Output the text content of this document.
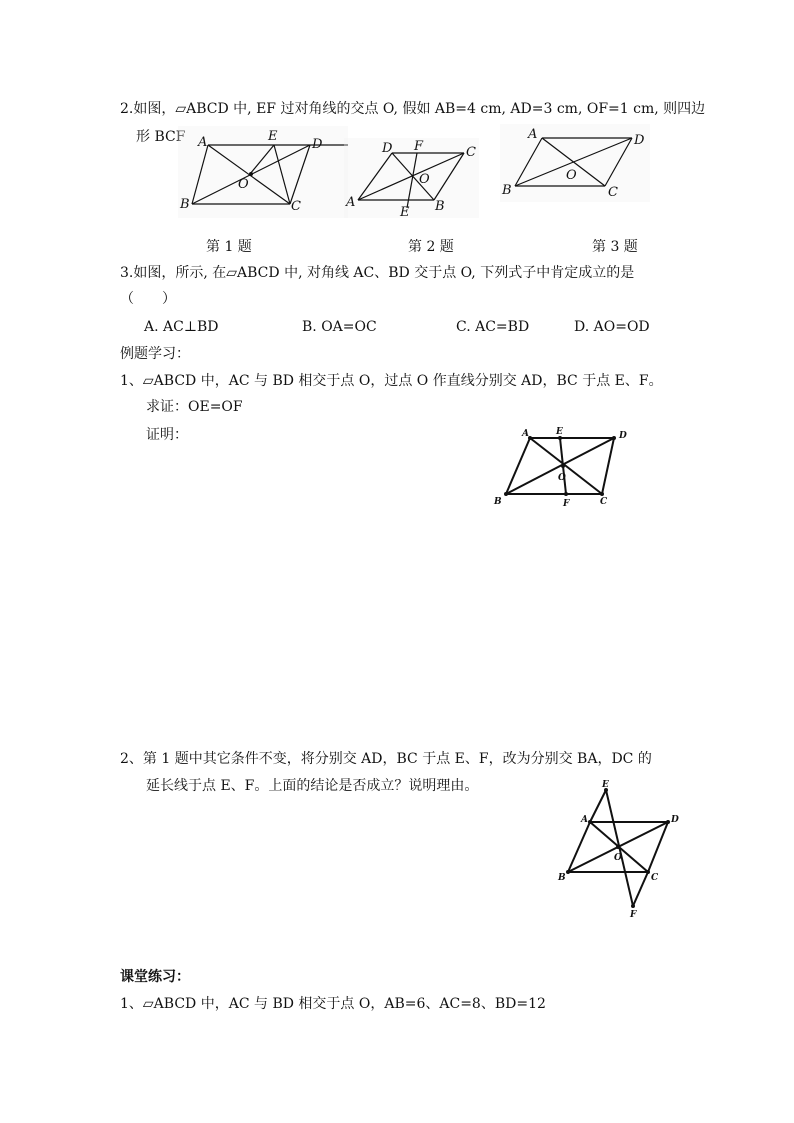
2.如图，▱ABCD 中, EF 过对角线的交点 O, 假如 AB=4 cm, AD=3 cm, OF=1 cm, 则四边
形 BCF A	E
D
O
B	C
D F	C
O
A
E B
A	D
O
B	C
第 1 题	第 2 题	第 3 题
3.如图，所示, 在▱ABCD 中, 对角线 AC、BD 交于点 O, 下列式子中肯定成立的是
（　　）
A. AC⊥BD	B. OA=OC	C. AC=BD	D. AO=OD
例题学习：
1、▱ABCD 中，AC 与 BD 相交于点 O，过点 O 作直线分别交 AD，BC 于点 E、F。
求证：OE=OF
证明：	A	E	D
O
B	F	C
2、第 1 题中其它条件不变，将分别交 AD，BC 于点 E、F，改为分别交 BA，DC 的
延长线于点 E、F。上面的结论是否成立？说明理由。	E
A	D
O
B	C
F
课堂练习：
1、▱ABCD 中，AC 与 BD 相交于点 O，AB=6、AC=8、BD=12
